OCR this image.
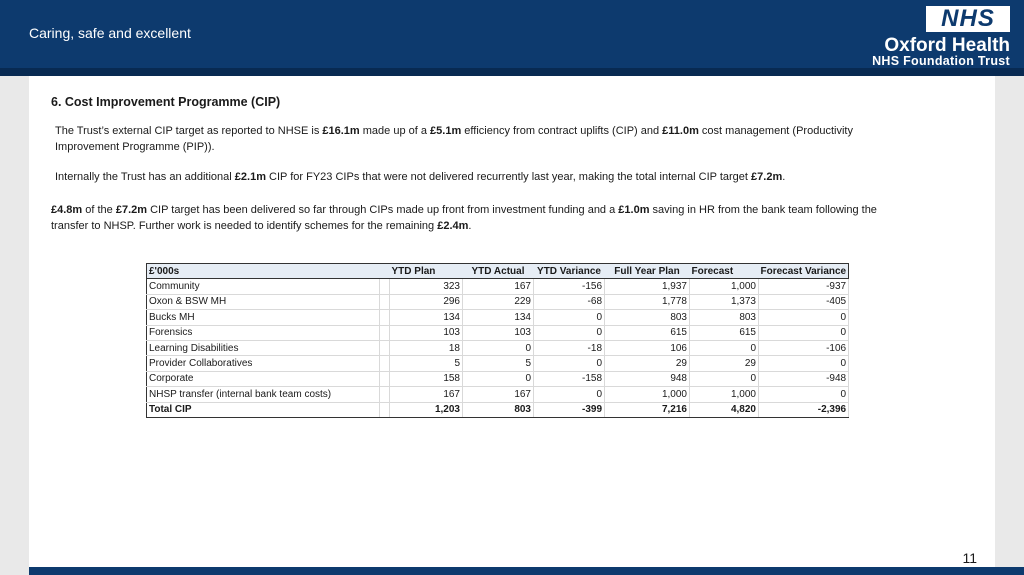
Caring, safe and excellent
NHS
Oxford Health
NHS Foundation Trust
6. Cost Improvement Programme (CIP)

The Trust’s external CIP target as reported to NHSE is £16.1m made up of a £5.1m efficiency from contract uplifts (CIP) and £11.0m cost management (Productivity Improvement Programme (PIP)).

Internally the Trust has an additional £2.1m CIP for FY23 CIPs that were not delivered recurrently last year, making the total internal CIP target £7.2m.

£4.8m of the £7.2m CIP target has been delivered so far through CIPs made up front from investment funding and a £1.0m saving in HR from the bank team following the transfer to NHSP. Further work is needed to identify schemes for the remaining £2.4m.

£'000s		YTD Plan	YTD Actual	YTD Variance	Full Year Plan	Forecast	Forecast Variance
Community		323	167	-156	1,937	1,000	-937
Oxon & BSW MH		296	229	-68	1,778	1,373	-405
Bucks MH		134	134	0	803	803	0
Forensics		103	103	0	615	615	0
Learning Disabilities		18	0	-18	106	0	-106
Provider Collaboratives		5	5	0	29	29	0
Corporate		158	0	-158	948	0	-948
NHSP transfer (internal bank team costs)		167	167	0	1,000	1,000	0
Total CIP		1,203	803	-399	7,216	4,820	-2,396
11
